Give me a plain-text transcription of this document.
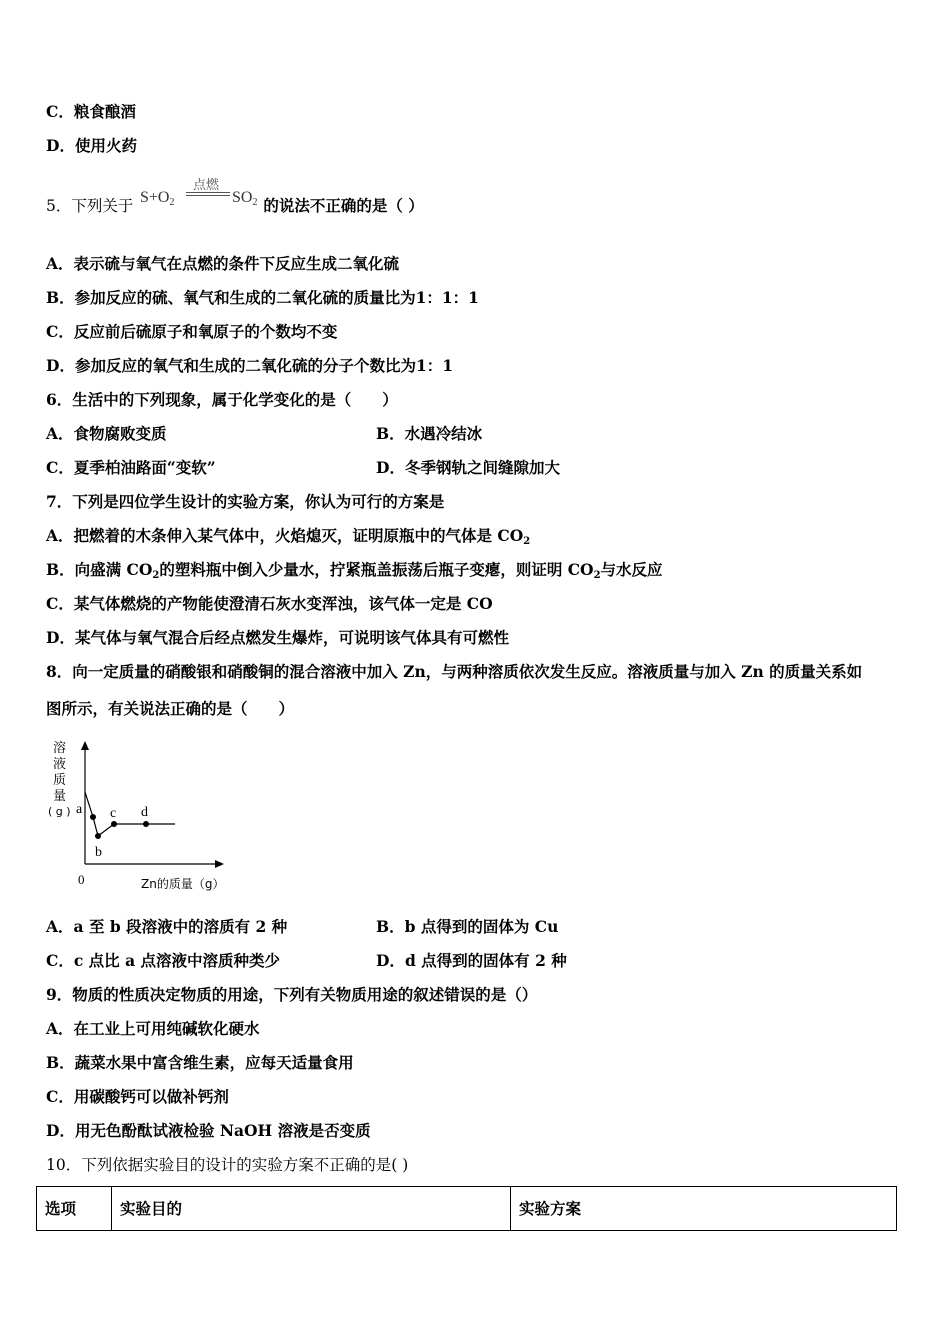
C．粮食酿酒
D．使用火药
5．下列关于	的说法不正确的是（ ）
点燃
$S+O_2$	$SO_2$
A．表示硫与氧气在点燃的条件下反应生成二氧化硫
B．参加反应的硫、氧气和生成的二氧化硫的质量比为1：1：1
C．反应前后硫原子和氧原子的个数均不变
D．参加反应的氧气和生成的二氧化硫的分子个数比为1：1
6．生活中的下列现象，属于化学变化的是（　　）
A．食物腐败变质	B．水遇冷结冰
C．夏季柏油路面“变软”	D．冬季钢轨之间缝隙加大
7．下列是四位学生设计的实验方案，你认为可行的方案是
A．把燃着的木条伸入某气体中，火焰熄灭，证明原瓶中的气体是 $CO_2$
B．向盛满 $CO_2$的塑料瓶中倒入少量水，拧紧瓶盖振荡后瓶子变瘪，则证明 $CO_2$与水反应
C．某气体燃烧的产物能使澄清石灰水变浑浊，该气体一定是 CO
D．某气体与氧气混合后经点燃发生爆炸，可说明该气体具有可燃性
8．向一定质量的硝酸银和硝酸铜的混合溶液中加入 Zn，与两种溶质依次发生反应。溶液质量与加入 Zn 的质量关系如
图所示，有关说法正确的是（　　）
溶
液
质
量
( g ) a
b
c d
0	Zn的质量（g）
A．a 至 b 段溶液中的溶质有 2 种	B．b 点得到的固体为 Cu
C．c 点比 a 点溶液中溶质种类少	D．d 点得到的固体有 2 种
9．物质的性质决定物质的用途，下列有关物质用途的叙述错误的是（）
A．在工业上可用纯碱软化硬水
B．蔬菜水果中富含维生素，应每天适量食用
C．用碳酸钙可以做补钙剂
D．用无色酚酞试液检验 NaOH 溶液是否变质
10．下列依据实验目的设计的实验方案不正确的是( )
选项	实验目的	实验方案
